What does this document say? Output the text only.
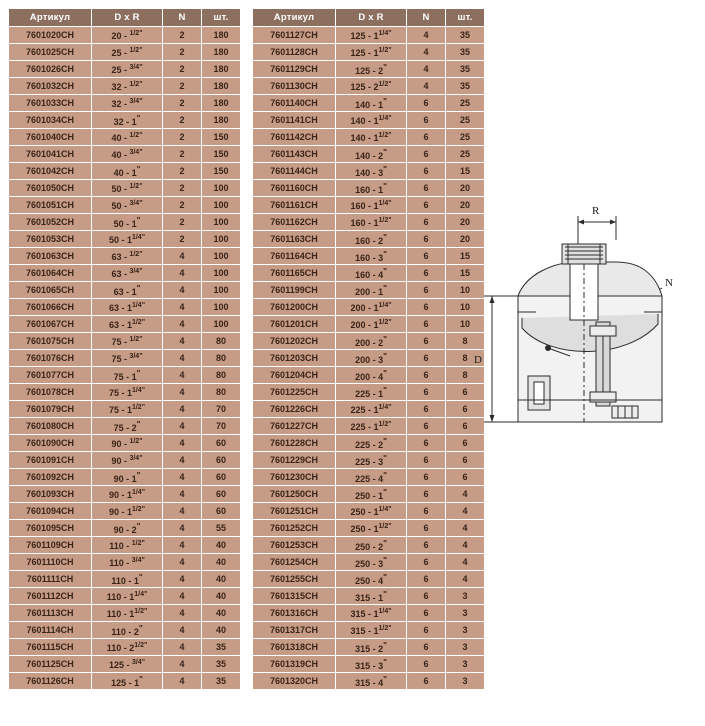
Артикул	D x R	N	шт.
7601020CH	20 - $^{1/2"}$	2	180
7601025CH	25 - $^{1/2"}$	2	180
7601026CH	25 - $^{3/4"}$	2	180
7601032CH	32 - $^{1/2"}$	2	180
7601033CH	32 - $^{3/4"}$	2	180
7601034CH	32 - 1"	2	180
7601040CH	40 - $^{1/2"}$	2	150
7601041CH	40 - $^{3/4"}$	2	150
7601042CH	40 - 1"	2	150
7601050CH	50 - $^{1/2"}$	2	100
7601051CH	50 - $^{3/4"}$	2	100
7601052CH	50 - 1"	2	100
7601053CH	$50 - 1^{1/4"}$	2	100
7601063CH	63 - $^{1/2"}$	4	100
7601064CH	63 - $^{3/4"}$	4	100
7601065CH	63 - 1"	4	100
7601066CH	$63 - 1^{1/4"}$	4	100
7601067CH	$63 - 1^{1/2"}$	4	100
7601075CH	75 - $^{1/2"}$	4	80
7601076CH	75 - $^{3/4"}$	4	80
7601077CH	75 - 1"	4	80
7601078CH	$75 - 1^{1/4"}$	4	80
7601079CH	$75 - 1^{1/2"}$	4	70
7601080CH	75 - 2"	4	70
7601090CH	90 - $^{1/2"}$	4	60
7601091CH	90 - $^{3/4"}$	4	60
7601092CH	90 - 1"	4	60
7601093CH	$90 - 1^{1/4"}$	4	60
7601094CH	$90 - 1^{1/2"}$	4	60
7601095CH	90 - 2"	4	55
7601109CH	110 - $^{1/2"}$	4	40
7601110CH	110 - $^{3/4"}$	4	40
7601111CH	110 - 1"	4	40
7601112CH	$110 - 1^{1/4"}$	4	40
7601113CH	$110 - 1^{1/2"}$	4	40
7601114CH	110 - 2"	4	40
7601115CH	$110 - 2^{1/2"}$	4	35
7601125CH	125 - $^{3/4"}$	4	35
7601126CH	125 - 1"	4	35
Артикул	D x R	N	шт.
7601127CH	$125 - 1^{1/4"}$	4	35
7601128CH	$125 - 1^{1/2"}$	4	35
7601129CH	125 - 2"	4	35
7601130CH	$125 - 2^{1/2"}$	4	35
7601140CH	140 - 1"	6	25
7601141CH	$140 - 1^{1/4"}$	6	25
7601142CH	$140 - 1^{1/2"}$	6	25
7601143CH	140 - 2"	6	25
7601144CH	140 - 3"	6	15
7601160CH	160 - 1"	6	20
7601161CH	$160 - 1^{1/4"}$	6	20
7601162CH	$160 - 1^{1/2"}$	6	20
7601163CH	160 - 2"	6	20
7601164CH	160 - 3"	6	15
7601165CH	160 - 4"	6	15
7601199CH	200 - 1"	6	10
7601200CH	$200 - 1^{1/4"}$	6	10
7601201CH	$200 - 1^{1/2"}$	6	10
7601202CH	200 - 2"	6	8
7601203CH	200 - 3"	6	8
7601204CH	200 - 4"	6	8
7601225CH	225 - 1"	6	6
7601226CH	$225 - 1^{1/4"}$	6	6
7601227CH	$225 - 1^{1/2"}$	6	6
7601228CH	225 - 2"	6	6
7601229CH	225 - 3"	6	6
7601230CH	225 - 4"	6	6
7601250CH	250 - 1"	6	4
7601251CH	$250 - 1^{1/4"}$	6	4
7601252CH	$250 - 1^{1/2"}$	6	4
7601253CH	250 - 2"	6	4
7601254CH	250 - 3"	6	4
7601255CH	250 - 4"	6	4
7601315CH	315 - 1"	6	3
7601316CH	$315 - 1^{1/4"}$	6	3
7601317CH	$315 - 1^{1/2"}$	6	3
7601318CH	315 - 2"	6	3
7601319CH	315 - 3"	6	3
7601320CH	315 - 4"	6	3
R
D
N
